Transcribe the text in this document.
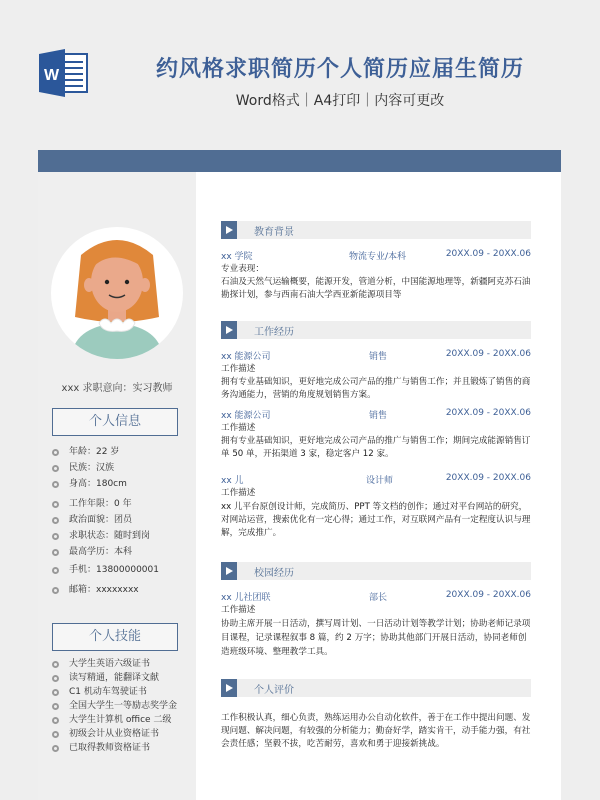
W	约风格求职简历个人简历应届生简历
Word格式｜A4打印｜内容可更改
xxx 求职意向：实习教师
个人信息
年龄：22 岁
民族：汉族
身高：180cm
工作年限：0 年
政治面貌：团员
求职状态：随时到岗
最高学历：本科
手机：13800000001
邮箱：xxxxxxxx
个人技能
大学生英语六级证书
读写精通，能翻译文献
C1 机动车驾驶证书
全国大学生一等励志奖学金
大学生计算机 office 二级
初级会计从业资格证书
已取得教师资格证书
教育背景
xx 学院	物流专业/本科	20XX.09 - 20XX.06
专业表现：
石油及天然气运输概要，能源开发，管道分析，中国能源地理等，新疆阿克苏石油勘探计划，参与西南石油大学西亚新能源项目等
工作经历
xx 能源公司	销售	20XX.09 - 20XX.06
工作描述
拥有专业基础知识，更好地完成公司产品的推广与销售工作；并且锻炼了销售的商务沟通能力，营销的角度规划销售方案。
xx 能源公司	销售	20XX.09 - 20XX.06
工作描述
拥有专业基础知识，更好地完成公司产品的推广与销售工作；期间完成能源销售订单 50 单，开拓渠道 3 家，稳定客户 12 家。
xx 儿	设计师	20XX.09 - 20XX.06
工作描述
xx 儿平台原创设计师，完成简历、PPT 等文档的创作；通过对平台网站的研究，对网站运营，搜索优化有一定心得；通过工作，对互联网产品有一定程度认识与理解，完成推广。
校园经历
xx 儿社团联	部长	20XX.09 - 20XX.06
工作描述
协助主席开展一日活动，撰写周计划、一日活动计划等教学计划；协助老师记录项目课程，记录课程叙事 8 篇，约 2 万字；协助其他部门开展日活动，协同老师创造班级环境、整理教学工具。
个人评价
工作积极认真，细心负责，熟练运用办公自动化软件，善于在工作中提出问题、发现问题、解决问题，有较强的分析能力；勤奋好学，踏实肯干，动手能力强，有社会责任感；坚毅不拔，吃苦耐劳，喜欢和勇于迎接新挑战。
